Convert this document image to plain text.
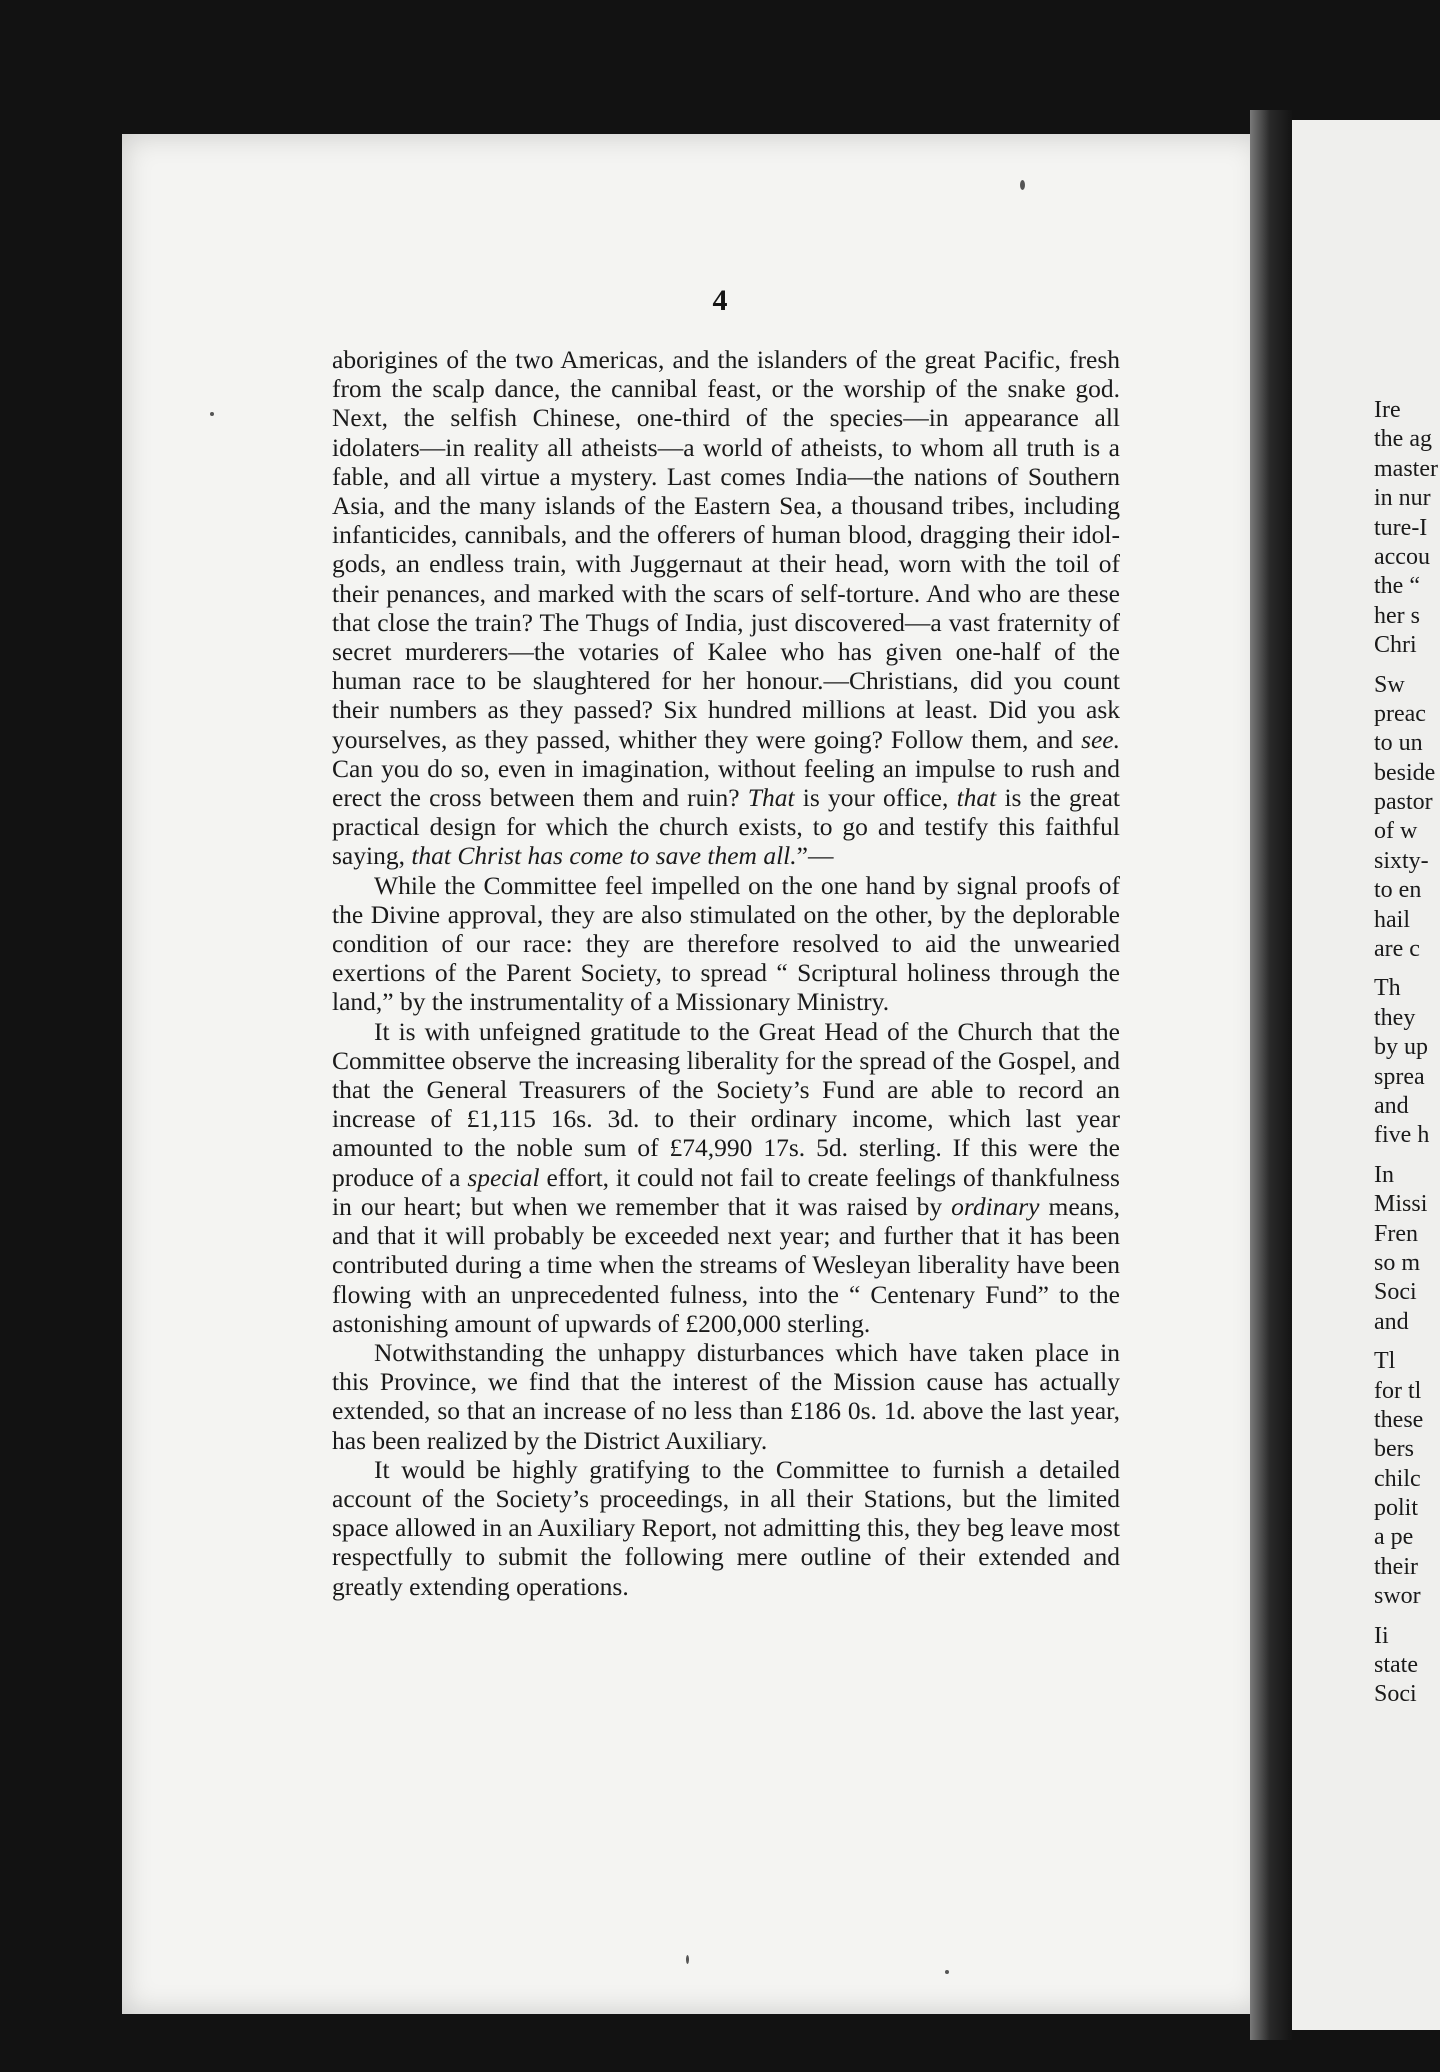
4

aborigines of the two Americas, and the islanders of the great Pacific, fresh from the scalp dance, the cannibal feast, or the worship of the snake god. Next, the selfish Chinese, one-third of the species—in appearance all idolaters—in reality all atheists—a world of atheists, to whom all truth is a fable, and all virtue a mystery. Last comes India—the nations of Southern Asia, and the many islands of the Eastern Sea, a thousand tribes, including infanticides, cannibals, and the offerers of human blood, dragging their idol-gods, an endless train, with Juggernaut at their head, worn with the toil of their penances, and marked with the scars of self-torture. And who are these that close the train? The Thugs of India, just discovered—a vast fraternity of secret murderers—the votaries of Kalee who has given one-half of the human race to be slaughtered for her honour.—Christians, did you count their numbers as they passed? Six hundred millions at least. Did you ask yourselves, as they passed, whither they were going? Follow them, and see. Can you do so, even in imagination, without feeling an impulse to rush and erect the cross between them and ruin? That is your office, that is the great practical design for which the church exists, to go and testify this faithful saying, that Christ has come to save them all.”—

While the Committee feel impelled on the one hand by signal proofs of the Divine approval, they are also stimulated on the other, by the deplorable condition of our race: they are therefore resolved to aid the unwearied exertions of the Parent Society, to spread “ Scriptural holiness through the land,” by the instrumentality of a Missionary Ministry.

It is with unfeigned gratitude to the Great Head of the Church that the Committee observe the increasing liberality for the spread of the Gospel, and that the General Treasurers of the Society’s Fund are able to record an increase of £1,115 16s. 3d. to their ordinary income, which last year amounted to the noble sum of £74,990 17s. 5d. sterling. If this were the produce of a special effort, it could not fail to create feelings of thankfulness in our heart; but when we remember that it was raised by ordinary means, and that it will probably be exceeded next year; and further that it has been contributed during a time when the streams of Wesleyan liberality have been flowing with an unprecedented fulness, into the “ Centenary Fund” to the astonishing amount of upwards of £200,000 sterling.

Notwithstanding the unhappy disturbances which have taken place in this Province, we find that the interest of the Mission cause has actually extended, so that an increase of no less than £186 0s. 1d. above the last year, has been realized by the District Auxiliary.

It would be highly gratifying to the Committee to furnish a detailed account of the Society’s proceedings, in all their Stations, but the limited space allowed in an Auxiliary Report, not admitting this, they beg leave most respectfully to submit the following mere outline of their extended and greatly extending operations.

Ire
the ag
master
in nur
ture-I
accou
the “
her s
Chri
Sw
preac
to un
beside
pastor
of w
sixty-
to en
hail
are c
Th
they
by up
sprea
and
five h
In
Missi
Fren
so m
Soci
and
Tl
for tl
these
bers
chilc
polit
a pe
their
swor
Ii
state
Soci
